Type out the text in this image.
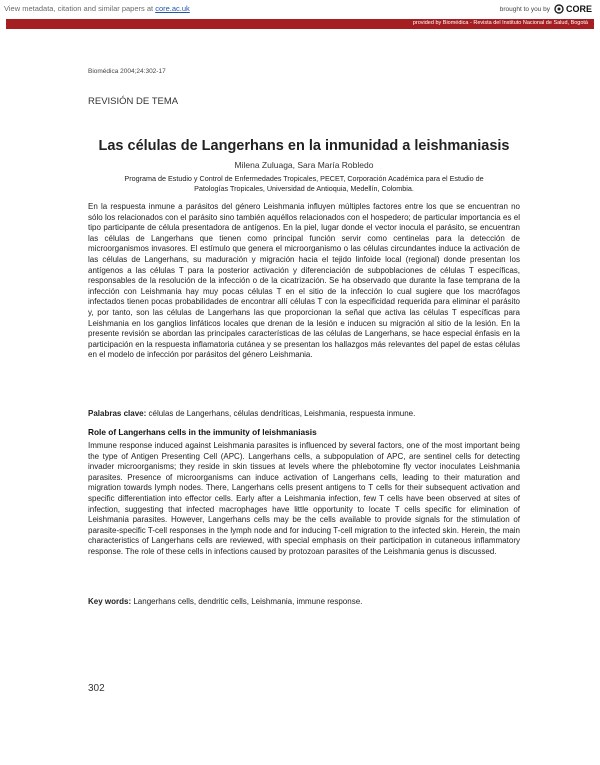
View metadata, citation and similar papers at core.ac.uk	brought to you by CORE
provided by Biomédica - Revista del Instituto Nacional de Salud, Bogotá

Biomédica 2004;24:302-17

REVISIÓN DE TEMA
Las células de Langerhans en la inmunidad a leishmaniasis
Milena Zuluaga, Sara María Robledo
Programa de Estudio y Control de Enfermedades Tropicales, PECET, Corporación Académica para el Estudio de Patologías Tropicales, Universidad de Antioquia, Medellín, Colombia.
En la respuesta inmune a parásitos del género Leishmania influyen múltiples factores entre los que se encuentran no sólo los relacionados con el parásito sino también aquéllos relacionados con el hospedero; de particular importancia es el tipo participante de célula presentadora de antígenos. En la piel, lugar donde el vector inocula el parásito, se encuentran las células de Langerhans que tienen como principal función servir como centinelas para la detección de microorganismos invasores. El estímulo que genera el microorganismo o las células circundantes induce la activación de las células de Langerhans, su maduración y migración hacia el tejido linfoide local (regional) donde presentan los antígenos a las células T para la posterior activación y diferenciación de subpoblaciones de células T específicas, responsables de la resolución de la infección o de la cicatrización. Se ha observado que durante la fase temprana de la infección con Leishmania hay muy pocas células T en el sitio de la infección lo cual sugiere que los macrófagos infectados tienen pocas probabilidades de encontrar allí células T con la especificidad requerida para eliminar el parásito y, por tanto, son las células de Langerhans las que proporcionan la señal que activa las células T específicas para Leishmania en los ganglios linfáticos locales que drenan de la lesión e inducen su migración al sitio de la lesión. En la presente revisión se abordan las principales características de las células de Langerhans, se hace especial énfasis en la participación en la respuesta inflamatoria cutánea y se presentan los hallazgos más relevantes del papel de estas células en el modelo de infección por parásitos del género Leishmania.
Palabras clave: células de Langerhans, células dendríticas, Leishmania, respuesta inmune.
Role of Langerhans cells in the immunity of leishmaniasis
Immune response induced against Leishmania parasites is influenced by several factors, one of the most important being the type of Antigen Presenting Cell (APC). Langerhans cells, a subpopulation of APC, are sentinel cells for detecting invader microorganisms; they reside in skin tissues at levels where the phlebotomine fly vector inoculates Leishmania parasites. Presence of microorganisms can induce activation of Langerhans cells, leading to their maturation and migration towards lymph nodes. There, Langerhans cells present antigens to T cells for their subsequent activation and specific differentiation into effector cells. Early after a Leishmania infection, few T cells have been observed at sites of infection, suggesting that infected macrophages have little opportunity to locate T cells specific for elimination of Leishmania parasites. However, Langerhans cells may be the cells available to provide signals for the stimulation of parasite-specific T-cell responses in the lymph node and for inducing T-cell migration to the infected skin. Herein, the main characteristics of Langerhans cells are reviewed, with special emphasis on their participation in cutaneous inflammatory response. The role of these cells in infections caused by protozoan parasites of the Leishmania genus is discussed.
Key words: Langerhans cells, dendritic cells, Leishmania, immune response.
302
